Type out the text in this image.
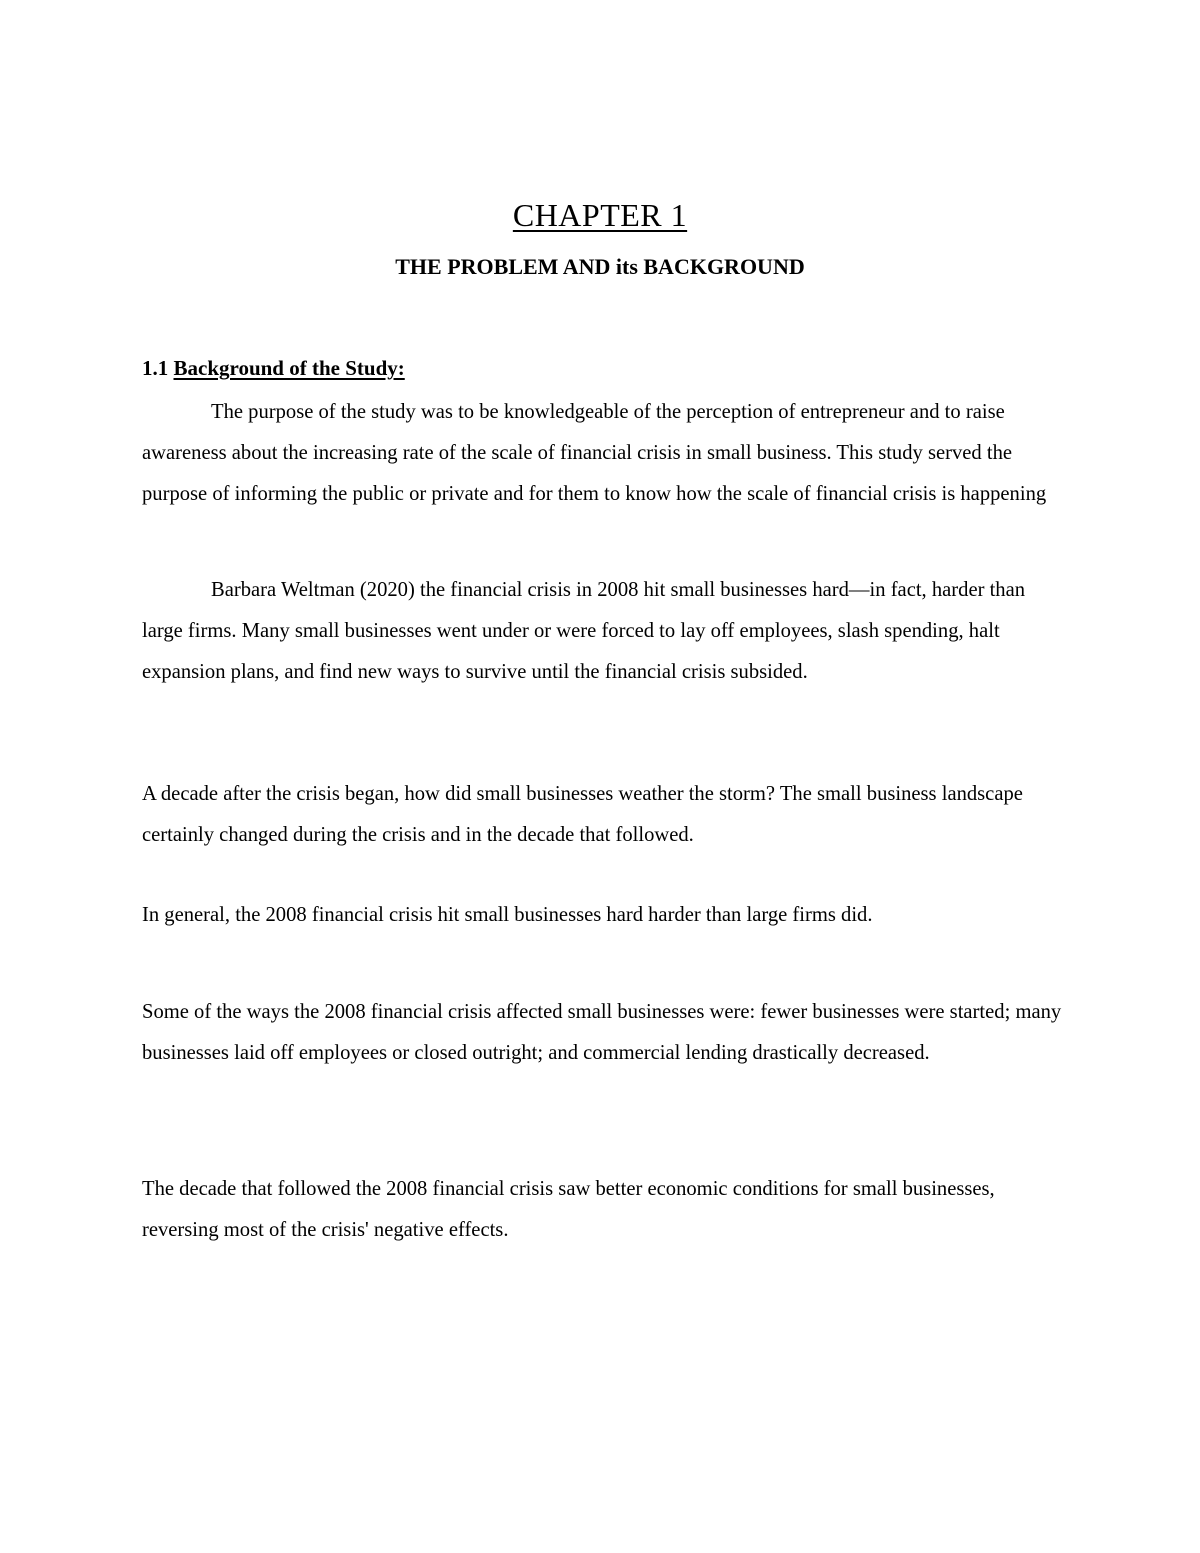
CHAPTER 1
THE PROBLEM AND its BACKGROUND
1.1 Background of the Study:

The purpose of the study was to be knowledgeable of the perception of entrepreneur and to raise awareness about the increasing rate of the scale of financial crisis in small business. This study served the purpose of informing the public or private and for them to know how the scale of financial crisis is happening

Barbara Weltman (2020) the financial crisis in 2008 hit small businesses hard—in fact, harder than large firms. Many small businesses went under or were forced to lay off employees, slash spending, halt expansion plans, and find new ways to survive until the financial crisis subsided.

A decade after the crisis began, how did small businesses weather the storm? The small business landscape certainly changed during the crisis and in the decade that followed.

In general, the 2008 financial crisis hit small businesses hard harder than large firms did.

Some of the ways the 2008 financial crisis affected small businesses were: fewer businesses were started; many businesses laid off employees or closed outright; and commercial lending drastically decreased.

The decade that followed the 2008 financial crisis saw better economic conditions for small businesses, reversing most of the crisis' negative effects.
